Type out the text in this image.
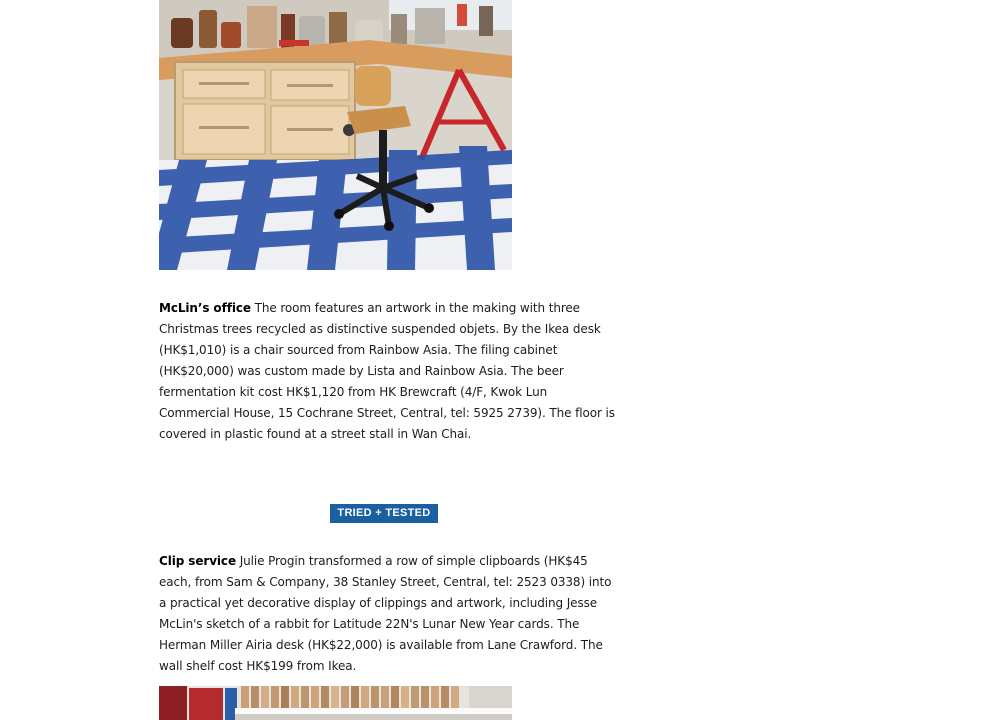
McLin’s office The room features an artwork in the making with three Christmas trees recycled as distinctive suspended objets. By the Ikea desk (HK$1,010) is a chair sourced from Rainbow Asia. The filing cabinet (HK$20,000) was custom made by Lista and Rainbow Asia. The beer fermentation kit cost HK$1,120 from HK Brewcraft (4/F, Kwok Lun Commercial House, 15 Cochrane Street, Central, tel: 5925 2739). The floor is covered in plastic found at a street stall in Wan Chai.

TRIED + TESTED

Clip service Julie Progin transformed a row of simple clipboards (HK$45 each, from Sam & Company, 38 Stanley Street, Central, tel: 2523 0338) into a practical yet decorative display of clippings and artwork, including Jesse McLin's sketch of a rabbit for Latitude 22N's Lunar New Year cards. The Herman Miller Airia desk (HK$22,000) is available from Lane Crawford. The wall shelf cost HK$199 from Ikea.
